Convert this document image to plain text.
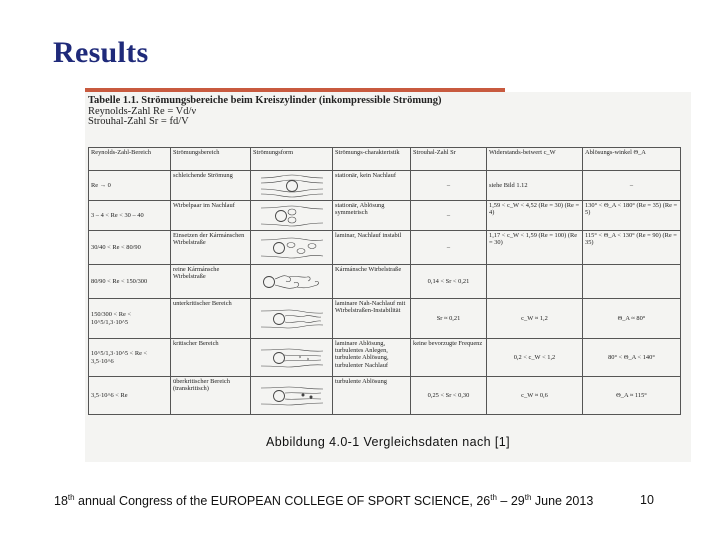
Results
Tabelle 1.1. Strömungsbereiche beim Kreiszylinder (inkompressible Strömung)
Reynolds-Zahl Re = Vd/ν
Strouhal-Zahl Sr = fd/V
Reynolds-Zahl-Bereich	Strömungsbereich	Strömungsform	Strömungs-charakteristik	Strouhal-Zahl Sr	Widerstands-beiwert c_W	Ablösungs-winkel Θ_A
Re → 0	schleichende Strömung		stationär, kein Nachlauf	–	siehe Bild 1.12	–
3 – 4 < Re < 30 – 40	Wirbelpaar im Nachlauf		stationär, Ablösung symmetrisch	–	1,59 < c_W < 4,52 (Re = 30) (Re = 4)	130° < Θ_A < 180° (Re = 35) (Re = 5)
30/40 < Re < 80/90	Einsetzen der Kármánschen Wirbelstraße		laminar, Nachlauf instabil	–	1,17 < c_W < 1,59 (Re = 100) (Re = 30)	115° < Θ_A < 130° (Re = 90) (Re = 35)
80/90 < Re < 150/300	reine Kármánsche Wirbelstraße		Kármánsche Wirbelstraße	0,14 < Sr < 0,21		
150/300 < Re < 10^5/1,3·10^5	unterkritischer Bereich		laminare Nah-Nachlauf mit Wirbelstraßen-Instabilität	Sr ≈ 0,21	c_W ≈ 1,2	Θ_A ≈ 80°
10^5/1,3·10^5 < Re < 3,5·10^6	kritischer Bereich		laminare Ablösung, turbulentes Anlegen, turbulente Ablösung, turbulenter Nachlauf	keine bevorzugte Frequenz	0,2 < c_W < 1,2	80° < Θ_A < 140°
3,5·10^6 < Re	überkritischer Bereich (transkritisch)		turbulente Ablösung	0,25 < Sr < 0,30	c_W ≈ 0,6	Θ_A ≈ 115°
Abbildung 4.0-1 Vergleichsdaten nach [1]
18th annual Congress of the EUROPEAN COLLEGE OF SPORT SCIENCE, 26th – 29th June 2013	10
